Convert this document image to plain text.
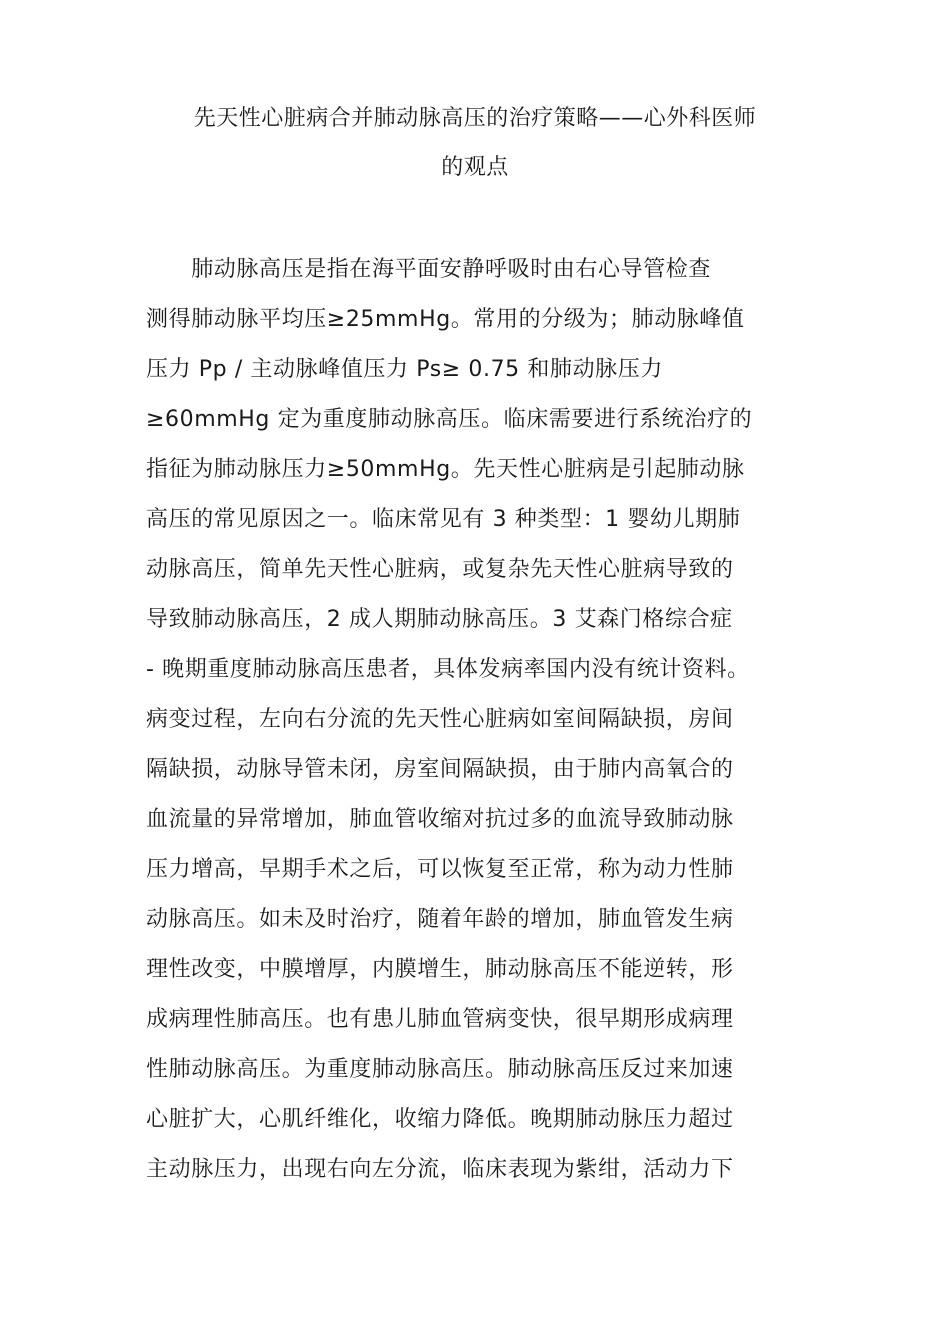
先天性心脏病合并肺动脉高压的治疗策略——心外科医师
的观点
　　肺动脉高压是指在海平面安静呼吸时由右心导管检查
测得肺动脉平均压≥25mmHg。常用的分级为；肺动脉峰值
压力 Pp / 主动脉峰值压力 Ps≥ 0.75 和肺动脉压力
≥60mmHg 定为重度肺动脉高压。临床需要进行系统治疗的
指征为肺动脉压力≥50mmHg。先天性心脏病是引起肺动脉
高压的常见原因之一。临床常见有 3 种类型：1 婴幼儿期肺
动脉高压，简单先天性心脏病，或复杂先天性心脏病导致的
导致肺动脉高压，2 成人期肺动脉高压。3 艾森门格综合症
- 晚期重度肺动脉高压患者，具体发病率国内没有统计资料。
病变过程，左向右分流的先天性心脏病如室间隔缺损，房间
隔缺损，动脉导管未闭，房室间隔缺损，由于肺内高氧合的
血流量的异常增加，肺血管收缩对抗过多的血流导致肺动脉
压力增高，早期手术之后，可以恢复至正常，称为动力性肺
动脉高压。如未及时治疗，随着年龄的增加，肺血管发生病
理性改变，中膜增厚，内膜增生，肺动脉高压不能逆转，形
成病理性肺高压。也有患儿肺血管病变快，很早期形成病理
性肺动脉高压。为重度肺动脉高压。肺动脉高压反过来加速
心脏扩大，心肌纤维化，收缩力降低。晚期肺动脉压力超过
主动脉压力，出现右向左分流，临床表现为紫绀，活动力下
